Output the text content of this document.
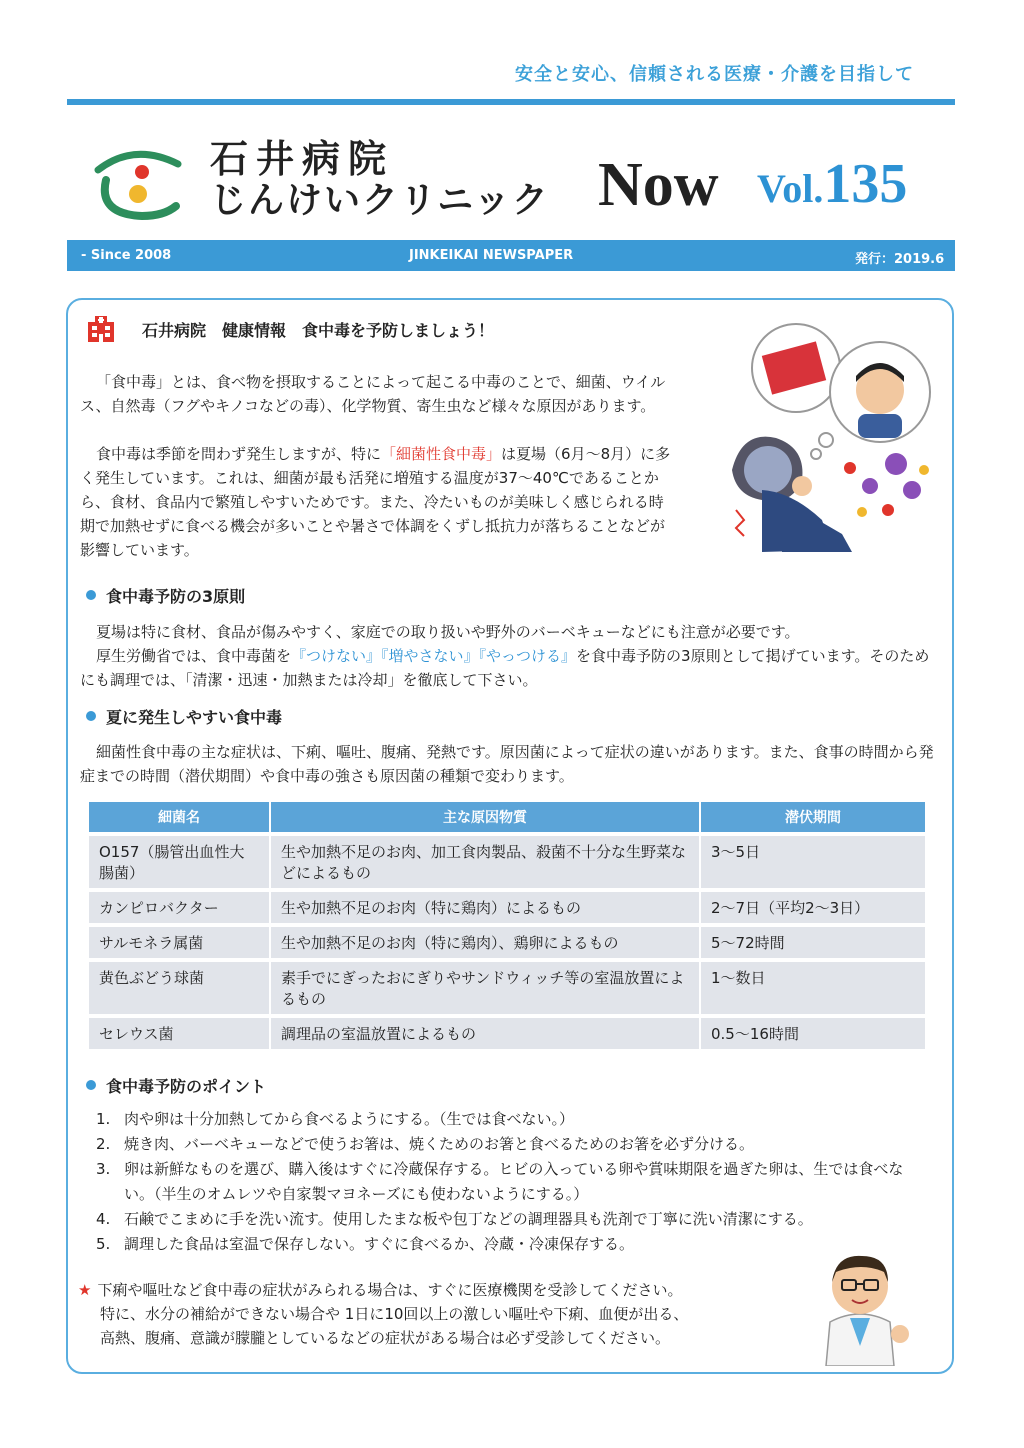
安全と安心、信頼される医療・介護を目指して
石井病院
じんけいクリニック Now Vol.135
- Since 2008	JINKEIKAI NEWSPAPER	発行：2019.6
石井病院　健康情報　食中毒を予防しましょう！

「食中毒」とは、食べ物を摂取することによって起こる中毒のことで、細菌、ウイルス、自然毒（フグやキノコなどの毒）、化学物質、寄生虫など様々な原因があります。

食中毒は季節を問わず発生しますが、特に「細菌性食中毒」は夏場（6月～8月）に多く発生しています。これは、細菌が最も活発に増殖する温度が37～40℃であることから、食材、食品内で繁殖しやすいためです。また、冷たいものが美味しく感じられる時期で加熱せずに食べる機会が多いことや暑さで体調をくずし抵抗力が落ちることなどが影響しています。

食中毒予防の3原則

夏場は特に食材、食品が傷みやすく、家庭での取り扱いや野外のバーベキューなどにも注意が必要です。

厚生労働省では、食中毒菌を『つけない』『増やさない』『やっつける』を食中毒予防の3原則として掲げています。そのためにも調理では、「清潔・迅速・加熱または冷却」を徹底して下さい。

夏に発生しやすい食中毒

細菌性食中毒の主な症状は、下痢、嘔吐、腹痛、発熱です。原因菌によって症状の違いがあります。また、食事の時間から発症までの時間（潜伏期間）や食中毒の強さも原因菌の種類で変わります。

細菌名	主な原因物質	潜伏期間
O157（腸管出血性大腸菌）	生や加熱不足のお肉、加工食肉製品、殺菌不十分な生野菜などによるもの	3～5日
カンピロバクター	生や加熱不足のお肉（特に鶏肉）によるもの	2～7日（平均2～3日）
サルモネラ属菌	生や加熱不足のお肉（特に鶏肉）、鶏卵によるもの	5～72時間
黄色ぶどう球菌	素手でにぎったおにぎりやサンドウィッチ等の室温放置によるもの	1～数日
セレウス菌	調理品の室温放置によるもの	0.5～16時間
食中毒予防のポイント
1. 肉や卵は十分加熱してから食べるようにする。（生では食べない。）
2. 焼き肉、バーベキューなどで使うお箸は、焼くためのお箸と食べるためのお箸を必ず分ける。
3. 卵は新鮮なものを選び、購入後はすぐに冷蔵保存する。ヒビの入っている卵や賞味期限を過ぎた卵は、生では食べない。（半生のオムレツや自家製マヨネーズにも使わないようにする。）
4. 石鹸でこまめに手を洗い流す。使用したまな板や包丁などの調理器具も洗剤で丁寧に洗い清潔にする。
5. 調理した食品は室温で保存しない。すぐに食べるか、冷蔵・冷凍保存する。
★ 下痢や嘔吐など食中毒の症状がみられる場合は、すぐに医療機関を受診してください。
特に、水分の補給ができない場合や 1日に10回以上の激しい嘔吐や下痢、血便が出る、
高熱、腹痛、意識が朦朧としているなどの症状がある場合は必ず受診してください。
